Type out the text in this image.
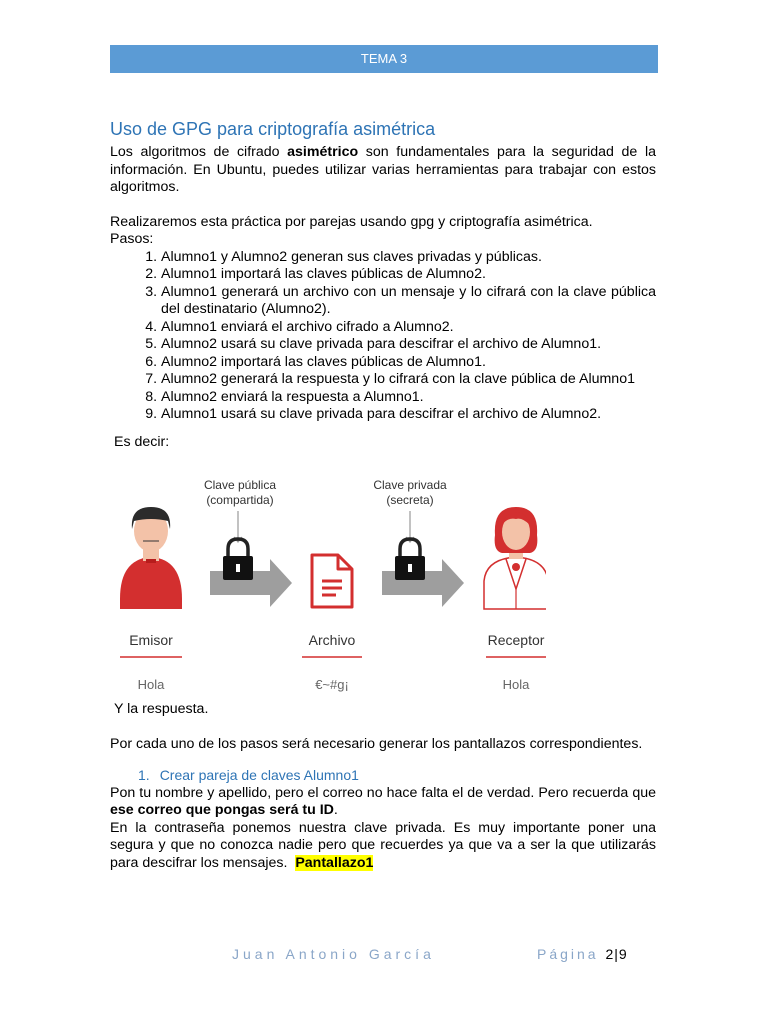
TEMA 3
Uso de GPG para criptografía asimétrica

Los algoritmos de cifrado asimétrico son fundamentales para la seguridad de la información. En Ubuntu, puedes utilizar varias herramientas para trabajar con estos algoritmos.

Realizaremos esta práctica por parejas usando gpg y criptografía asimétrica.

Pasos:

1. Alumno1 y Alumno2 generan sus claves privadas y públicas.
2. Alumno1 importará las claves públicas de Alumno2.
3. Alumno1 generará un archivo con un mensaje y lo cifrará con la clave pública del destinatario (Alumno2).
4. Alumno1 enviará el archivo cifrado a Alumno2.
5. Alumno2 usará su clave privada para descifrar el archivo de Alumno1.
6. Alumno2 importará las claves públicas de Alumno1.
7. Alumno2 generará la respuesta y lo cifrará con la clave pública de Alumno1
8. Alumno2 enviará la respuesta a Alumno1.
9. Alumno1 usará su clave privada para descifrar el archivo de Alumno2.

Es decir:

Clave pública
(compartida)
Clave privada
(secreta)
Emisor
Hola
Archivo
€~#g¡
Receptor
Hola

Y la respuesta.

Por cada uno de los pasos será necesario generar los pantallazos correspondientes.

1. Crear pareja de claves Alumno1

Pon tu nombre y apellido, pero el correo no hace falta el de verdad. Pero recuerda que ese correo que pongas será tu ID.

En la contraseña ponemos nuestra clave privada. Es muy importante poner una segura y que no conozca nadie pero que recuerdes ya que va a ser la que utilizarás para descifrar los mensajes. Pantallazo1

Juan Antonio García	Página 2|9
